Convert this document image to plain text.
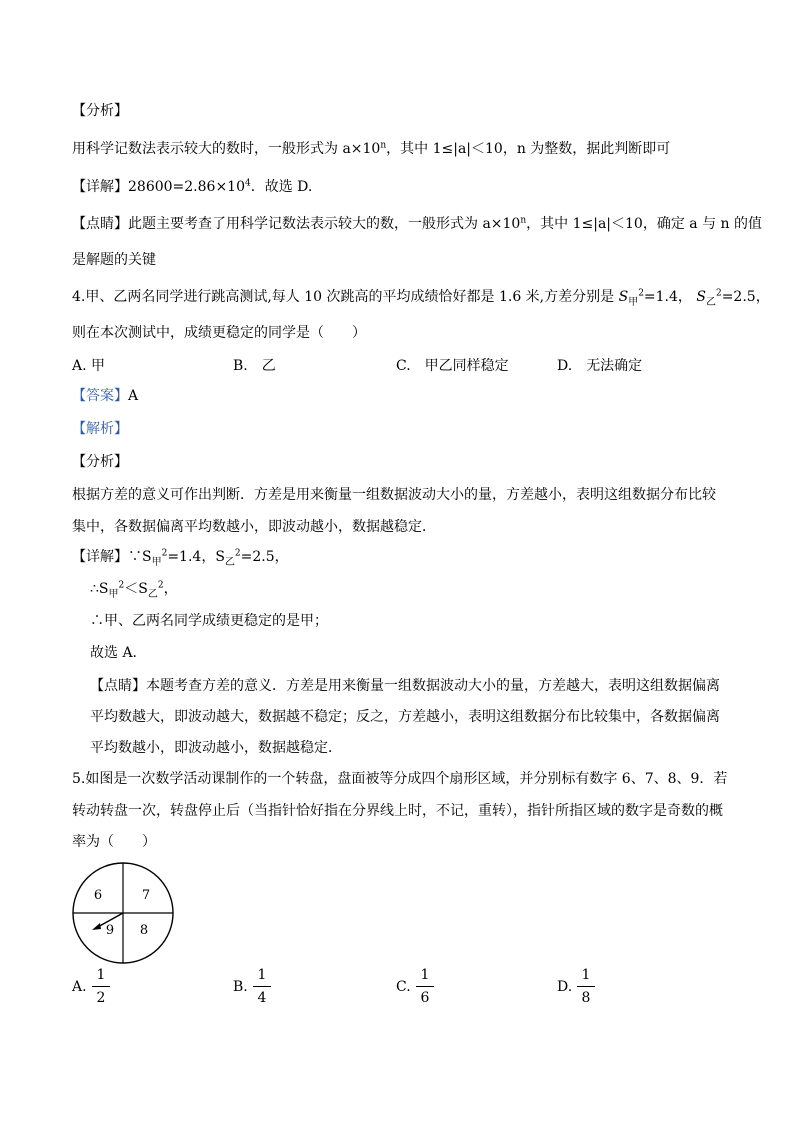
【分析】
用科学记数法表示较大的数时，一般形式为 $a\times 10^n$，其中 1≤|a|＜10，n 为整数，据此判断即可
【详解】$28600=2.86\times 10^4$．故选 D.
【点睛】此题主要考查了用科学记数法表示较大的数，一般形式为 $a\times 10^n$，其中 1≤|a|＜10，确定 a 与 n 的值
是解题的关键
4.甲、乙两名同学进行跳高测试,每人 10 次跳高的平均成绩恰好都是 1.6 米,方差分别是 $S_甲^2=1.4$， $S_乙^2=2.5$，
则在本次测试中，成绩更稳定的同学是（　　）
A. 甲	B.　 乙	C.　 甲乙同样稳定	D.　 无法确定
【答案】A
【解析】
【分析】
根据方差的意义可作出判断．方差是用来衡量一组数据波动大小的量，方差越小，表明这组数据分布比较
集中，各数据偏离平均数越小，即波动越小，数据越稳定．
【详解】$\because S_甲^2=1.4$，$S_乙^2=2.5$，
$\therefore S_甲^2<S_乙^2$，
∴甲、乙两名同学成绩更稳定的是甲；
故选 A.
【点睛】本题考查方差的意义．方差是用来衡量一组数据波动大小的量，方差越大，表明这组数据偏离
平均数越大，即波动越大，数据越不稳定；反之，方差越小，表明这组数据分布比较集中，各数据偏离
平均数越小，即波动越小，数据越稳定．
5.如图是一次数学活动课制作的一个转盘，盘面被等分成四个扇形区域，并分别标有数字 6、7、8、9．若
转动转盘一次，转盘停止后（当指针恰好指在分界线上时，不记，重转），指针所指区域的数字是奇数的概
率为（　　）
6	7
9 8
A.
1
2
B.
1
4
C.
1
6
D.
1
8
